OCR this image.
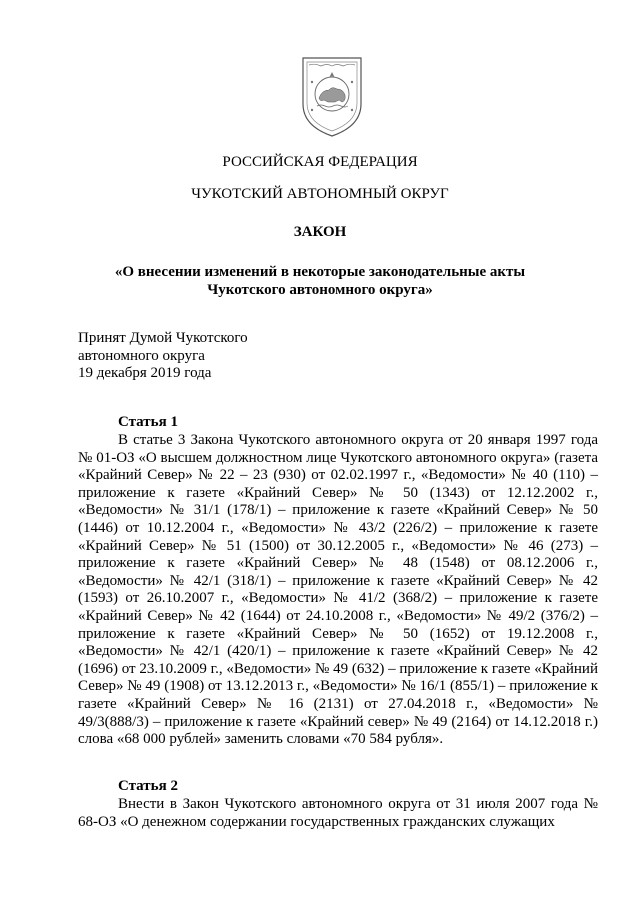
РОССИЙСКАЯ ФЕДЕРАЦИЯ
ЧУКОТСКИЙ АВТОНОМНЫЙ ОКРУГ
ЗАКОН
«О внесении изменений в некоторые законодательные акты
Чукотского автономного округа»
Принят Думой Чукотского
автономного округа
19 декабря 2019 года
Статья 1
В статье 3 Закона Чукотского автономного округа от 20 января 1997 года № 01-ОЗ «О высшем должностном лице Чукотского автономного округа» (газета «Крайний Север» № 22 – 23 (930) от 02.02.1997 г., «Ведомости» № 40 (110) – приложение к газете «Крайний Север» № 50 (1343) от 12.12.2002 г., «Ведомости» № 31/1 (178/1) – приложение к газете «Крайний Север» № 50 (1446) от 10.12.2004 г., «Ведомости» № 43/2 (226/2) – приложение к газете «Крайний Север» № 51 (1500) от 30.12.2005 г., «Ведомости» № 46 (273) – приложение к газете «Крайний Север» № 48 (1548) от 08.12.2006 г., «Ведомости» № 42/1 (318/1) – приложение к газете «Крайний Север» № 42 (1593) от 26.10.2007 г., «Ведомости» № 41/2 (368/2) – приложение к газете «Крайний Север» № 42 (1644) от 24.10.2008 г., «Ведомости» № 49/2 (376/2) – приложение к газете «Крайний Север» № 50 (1652) от 19.12.2008 г., «Ведомости» № 42/1 (420/1) – приложение к газете «Крайний Север» № 42 (1696) от 23.10.2009 г., «Ведомости» № 49 (632) – приложение к газете «Крайний Север» № 49 (1908) от 13.12.2013 г., «Ведомости» № 16/1 (855/1) – приложение к газете «Крайний Север» № 16 (2131) от 27.04.2018 г., «Ведомости» № 49/3(888/3) – приложение к газете «Крайний север» № 49 (2164) от 14.12.2018 г.) слова «68 000 рублей» заменить словами «70 584 рубля».
Статья 2
Внести в Закон Чукотского автономного округа от 31 июля 2007 года № 68-ОЗ «О денежном содержании государственных гражданских служащих
